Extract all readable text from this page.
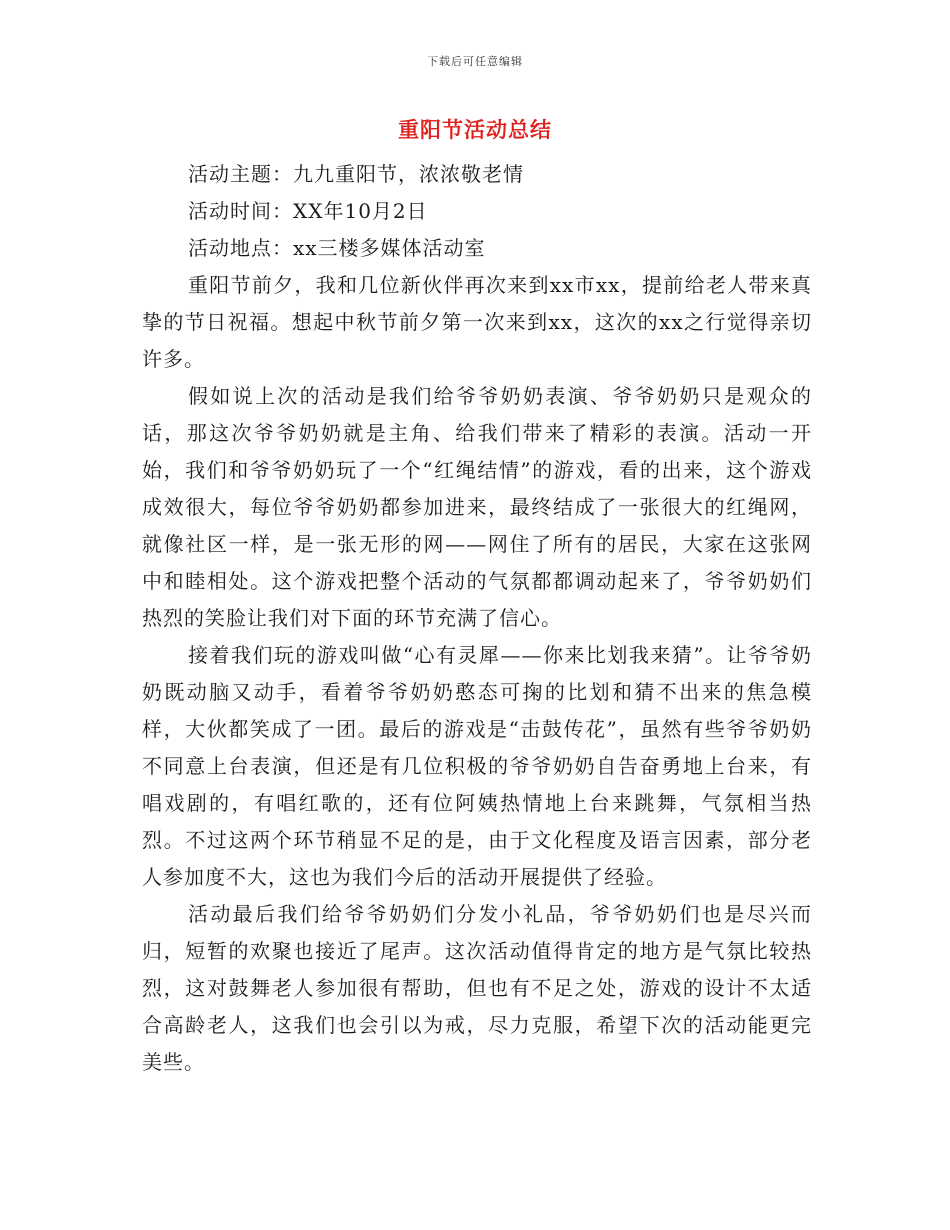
下载后可任意编辑
重阳节活动总结

活动主题：九九重阳节，浓浓敬老情

活动时间：XX年10月2日

活动地点：xx三楼多媒体活动室

重阳节前夕，我和几位新伙伴再次来到xx市xx，提前给老人带来真挚的节日祝福。想起中秋节前夕第一次来到xx，这次的xx之行觉得亲切许多。

假如说上次的活动是我们给爷爷奶奶表演、爷爷奶奶只是观众的话，那这次爷爷奶奶就是主角、给我们带来了精彩的表演。活动一开始，我们和爷爷奶奶玩了一个“红绳结情”的游戏，看的出来，这个游戏成效很大，每位爷爷奶奶都参加进来，最终结成了一张很大的红绳网，就像社区一样，是一张无形的网——网住了所有的居民，大家在这张网中和睦相处。这个游戏把整个活动的气氛都都调动起来了，爷爷奶奶们热烈的笑脸让我们对下面的环节充满了信心。

接着我们玩的游戏叫做“心有灵犀——你来比划我来猜”。让爷爷奶奶既动脑又动手，看着爷爷奶奶憨态可掬的比划和猜不出来的焦急模样，大伙都笑成了一团。最后的游戏是“击鼓传花”，虽然有些爷爷奶奶不同意上台表演，但还是有几位积极的爷爷奶奶自告奋勇地上台来，有唱戏剧的，有唱红歌的，还有位阿姨热情地上台来跳舞，气氛相当热烈。不过这两个环节稍显不足的是，由于文化程度及语言因素，部分老人参加度不大，这也为我们今后的活动开展提供了经验。

活动最后我们给爷爷奶奶们分发小礼品，爷爷奶奶们也是尽兴而归，短暂的欢聚也接近了尾声。这次活动值得肯定的地方是气氛比较热烈，这对鼓舞老人参加很有帮助，但也有不足之处，游戏的设计不太适合高龄老人，这我们也会引以为戒，尽力克服，希望下次的活动能更完美些。
